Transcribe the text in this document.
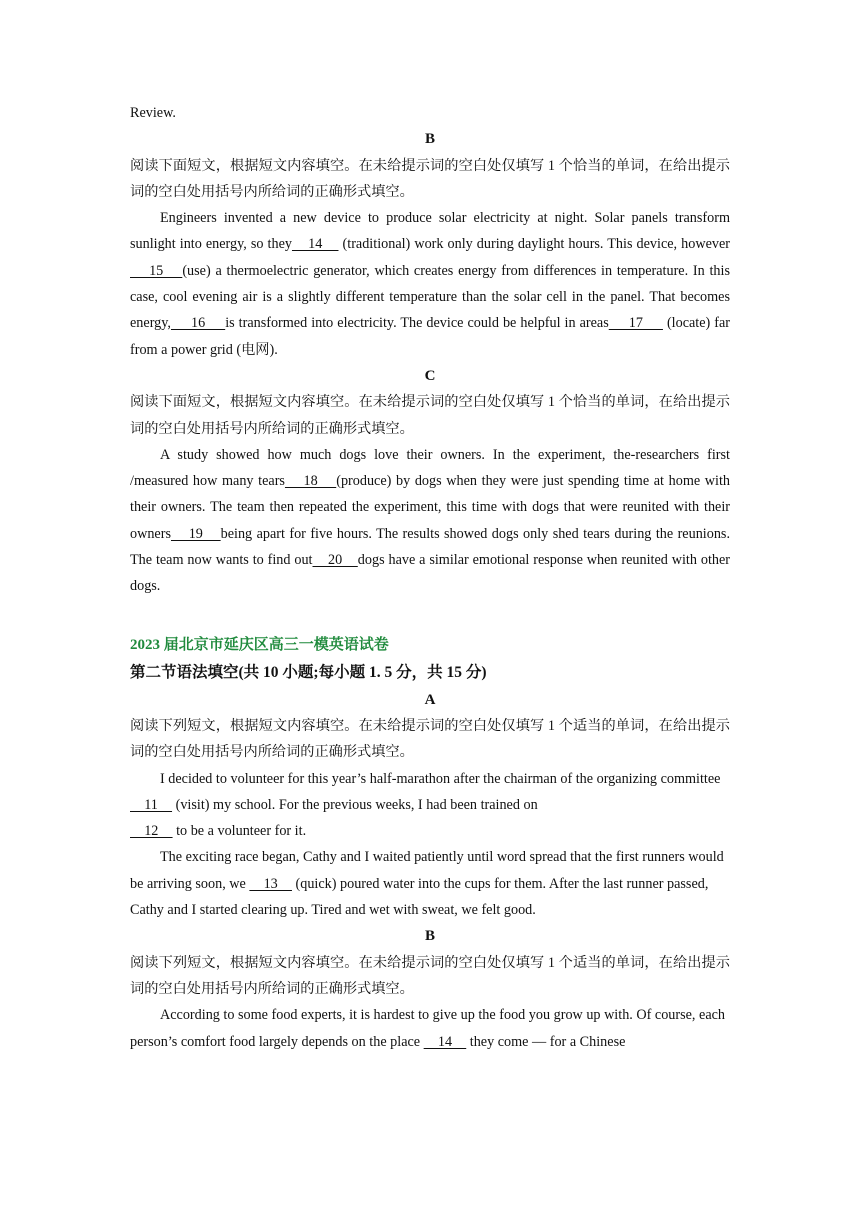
Review.

B

阅读下面短文，根据短文内容填空。在未给提示词的空白处仅填写 1 个恰当的单词，在给出提示词的空白处用括号内所给词的正确形式填空。

Engineers invented a new device to produce solar electricity at night. Solar panels transform sunlight into energy, so they    14     (traditional) work only during daylight hours. This device, however     15    (use) a thermoelectric generator, which creates energy from differences in temperature. In this case, cool evening air is a slightly different temperature than the solar cell in the panel. That becomes energy,     16     is transformed into electricity. The device could be helpful in areas     17      (locate) far from a power grid (电网).

C

阅读下面短文，根据短文内容填空。在未给提示词的空白处仅填写 1 个恰当的单词，在给出提示词的空白处用括号内所给词的正确形式填空。

A study showed how much dogs love their owners. In the experiment, the-researchers first /measured how many tears    18    (produce) by dogs when they were just spending time at home with their owners. The team then repeated the experiment, this time with dogs that were reunited with their owners    19    being apart for five hours. The results showed dogs only shed tears during the reunions. The team now wants to find out    20    dogs have a similar emotional response when reunited with other dogs.

2023 届北京市延庆区高三一模英语试卷

第二节语法填空(共 10 小题;每小题 1. 5 分，共 15 分)

A

阅读下列短文，根据短文内容填空。在未给提示词的空白处仅填写 1 个适当的单词，在给出提示词的空白处用括号内所给词的正确形式填空。

I decided to volunteer for this year’s half-marathon after the chairman of the organizing committee     11     (visit) my school. For the previous weeks, I had been trained on
12     to be a volunteer for it.

The exciting race began, Cathy and I waited patiently until word spread that the first runners would be arriving soon, we     13     (quick) poured water into the cups for them. After the last runner passed, Cathy and I started clearing up. Tired and wet with sweat, we felt good.

B

阅读下列短文，根据短文内容填空。在未给提示词的空白处仅填写 1 个适当的单词，在给出提示词的空白处用括号内所给词的正确形式填空。

According to some food experts, it is hardest to give up the food you grow up with. Of course, each person’s comfort food largely depends on the place     14     they come — for a Chinese
